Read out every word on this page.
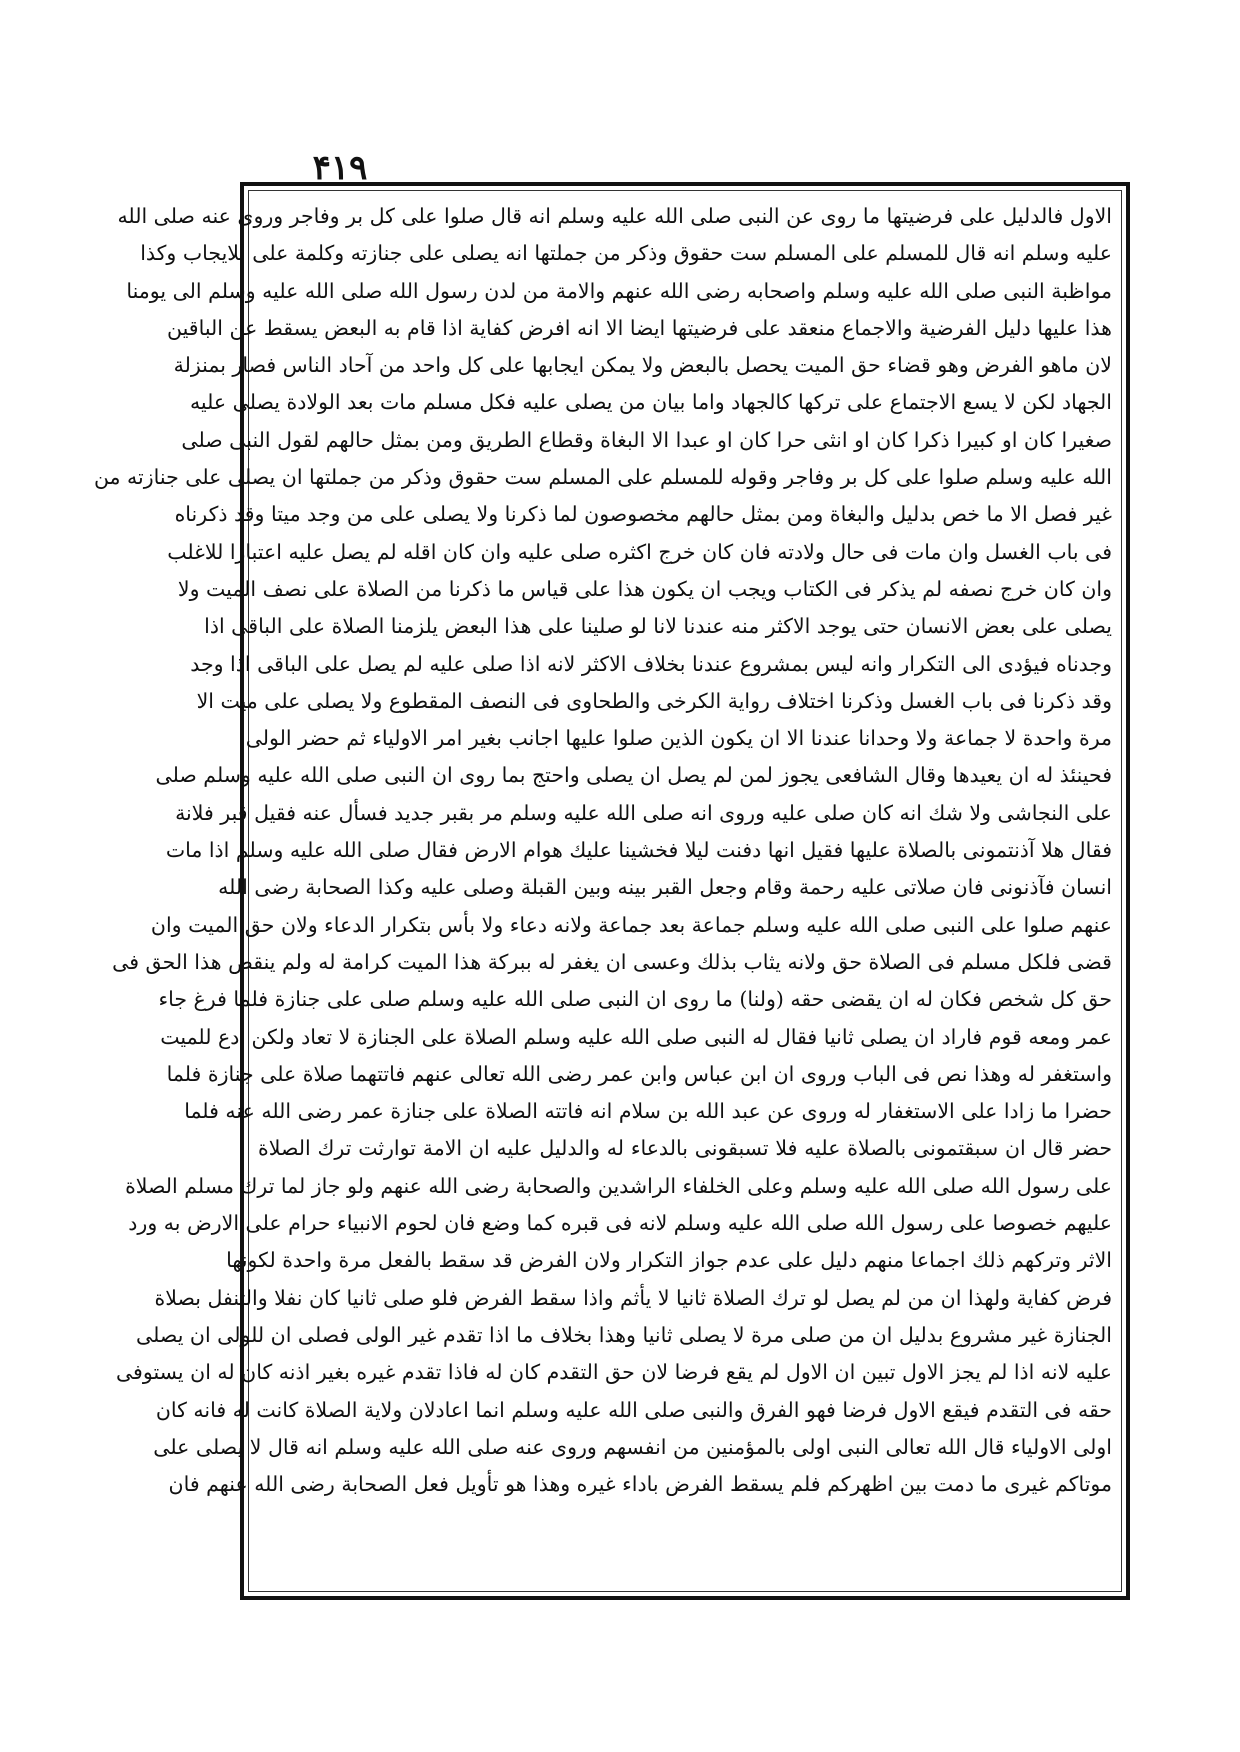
۴۱۹
الاول فالدليل على فرضيتها ما روى عن النبى صلى الله عليه وسلم انه قال صلوا على كل بر وفاجر وروى عنه صلى الله
عليه وسلم انه قال للمسلم على المسلم ست حقوق وذكر من جملتها انه يصلى على جنازته وكلمة على للايجاب وكذا
مواظبة النبى صلى الله عليه وسلم واصحابه رضى الله عنهم والامة من لدن رسول الله صلى الله عليه وسلم الى يومنا
هذا عليها دليل الفرضية والاجماع منعقد على فرضيتها ايضا الا انه افرض كفاية اذا قام به البعض يسقط عن الباقين
لان ماهو الفرض وهو قضاء حق الميت يحصل بالبعض ولا يمكن ايجابها على كل واحد من آحاد الناس فصار بمنزلة
الجهاد لكن لا يسع الاجتماع على تركها كالجهاد واما بيان من يصلى عليه فكل مسلم مات بعد الولادة يصلى عليه
صغيرا كان او كبيرا ذكرا كان او انثى حرا كان او عبدا الا البغاة وقطاع الطريق ومن بمثل حالهم لقول النبى صلى
الله عليه وسلم صلوا على كل بر وفاجر وقوله للمسلم على المسلم ست حقوق وذكر من جملتها ان يصلى على جنازته من
غير فصل الا ما خص بدليل والبغاة ومن بمثل حالهم مخصوصون لما ذكرنا ولا يصلى على من وجد ميتا وقد ذكرناه
فى باب الغسل وان مات فى حال ولادته فان كان خرج اكثره صلى عليه وان كان اقله لم يصل عليه اعتبارا للاغلب
وان كان خرج نصفه لم يذكر فى الكتاب ويجب ان يكون هذا على قياس ما ذكرنا من الصلاة على نصف الميت ولا
يصلى على بعض الانسان حتى يوجد الاكثر منه عندنا لانا لو صلينا على هذا البعض يلزمنا الصلاة على الباقى اذا
وجدناه فيؤدى الى التكرار وانه ليس بمشروع عندنا بخلاف الاكثر لانه اذا صلى عليه لم يصل على الباقى اذا وجد
وقد ذكرنا فى باب الغسل وذكرنا اختلاف رواية الكرخى والطحاوى فى النصف المقطوع ولا يصلى على ميت الا
مرة واحدة لا جماعة ولا وحدانا عندنا الا ان يكون الذين صلوا عليها اجانب بغير امر الاولياء ثم حضر الولى
فحينئذ له ان يعيدها وقال الشافعى يجوز لمن لم يصل ان يصلى واحتج بما روى ان النبى صلى الله عليه وسلم صلى
على النجاشى ولا شك انه كان صلى عليه وروى انه صلى الله عليه وسلم مر بقبر جديد فسأل عنه فقيل قبر فلانة
فقال هلا آذنتمونى بالصلاة عليها فقيل انها دفنت ليلا فخشينا عليك هوام الارض فقال صلى الله عليه وسلم اذا مات
انسان فآذنونى فان صلاتى عليه رحمة وقام وجعل القبر بينه وبين القبلة وصلى عليه وكذا الصحابة رضى الله
عنهم صلوا على النبى صلى الله عليه وسلم جماعة بعد جماعة ولانه دعاء ولا بأس بتكرار الدعاء ولان حق الميت وان
قضى فلكل مسلم فى الصلاة حق ولانه يثاب بذلك وعسى ان يغفر له ببركة هذا الميت كرامة له ولم ينقض هذا الحق فى
حق كل شخص فكان له ان يقضى حقه (ولنا) ما روى ان النبى صلى الله عليه وسلم صلى على جنازة فلما فرغ جاء
عمر ومعه قوم فاراد ان يصلى ثانيا فقال له النبى صلى الله عليه وسلم الصلاة على الجنازة لا تعاد ولكن ادع للميت
واستغفر له وهذا نص فى الباب وروى ان ابن عباس وابن عمر رضى الله تعالى عنهم فاتتهما صلاة على جنازة فلما
حضرا ما زادا على الاستغفار له وروى عن عبد الله بن سلام انه فاتته الصلاة على جنازة عمر رضى الله عنه فلما
حضر قال ان سبقتمونى بالصلاة عليه فلا تسبقونى بالدعاء له والدليل عليه ان الامة توارثت ترك الصلاة
على رسول الله صلى الله عليه وسلم وعلى الخلفاء الراشدين والصحابة رضى الله عنهم ولو جاز لما ترك مسلم الصلاة
عليهم خصوصا على رسول الله صلى الله عليه وسلم لانه فى قبره كما وضع فان لحوم الانبياء حرام على الارض به ورد
الاثر وتركهم ذلك اجماعا منهم دليل على عدم جواز التكرار ولان الفرض قد سقط بالفعل مرة واحدة لكونها
فرض كفاية ولهذا ان من لم يصل لو ترك الصلاة ثانيا لا يأثم واذا سقط الفرض فلو صلى ثانيا كان نفلا والتنفل بصلاة
الجنازة غير مشروع بدليل ان من صلى مرة لا يصلى ثانيا وهذا بخلاف ما اذا تقدم غير الولى فصلى ان للولى ان يصلى
عليه لانه اذا لم يجز الاول تبين ان الاول لم يقع فرضا لان حق التقدم كان له فاذا تقدم غيره بغير اذنه كان له ان يستوفى
حقه فى التقدم فيقع الاول فرضا فهو الفرق والنبى صلى الله عليه وسلم انما اعادلان ولاية الصلاة كانت له فانه كان
اولى الاولياء قال الله تعالى النبى اولى بالمؤمنين من انفسهم وروى عنه صلى الله عليه وسلم انه قال لا يصلى على
موتاكم غيرى ما دمت بين اظهركم فلم يسقط الفرض باداء غيره وهذا هو تأويل فعل الصحابة رضى الله عنهم فان
